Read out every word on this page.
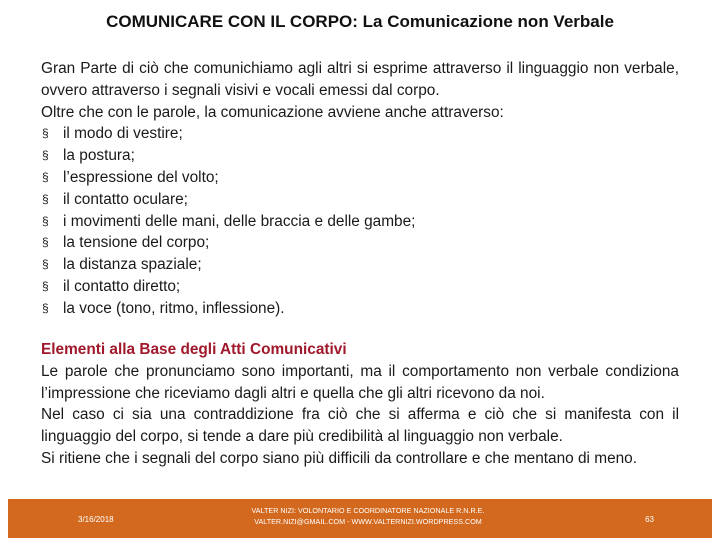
COMUNICARE CON IL CORPO: La Comunicazione non Verbale

Gran Parte di ciò che comunichiamo agli altri si esprime attraverso il linguaggio non verbale, ovvero attraverso i segnali visivi e vocali emessi dal corpo.

Oltre che con le parole, la comunicazione avviene anche attraverso:

§ il modo di vestire;
§ la postura;
§ l’espressione del volto;
§ il contatto oculare;
§ i movimenti delle mani, delle braccia e delle gambe;
§ la tensione del corpo;
§ la distanza spaziale;
§ il contatto diretto;
§ la voce (tono, ritmo, inflessione).
Elementi alla Base degli Atti Comunicativi

Le parole che pronunciamo sono importanti, ma il comportamento non verbale condiziona l’impressione che riceviamo dagli altri e quella che gli altri ricevono da noi.

Nel caso ci sia una contraddizione fra ciò che si afferma e ciò che si manifesta con il linguaggio del corpo, si tende a dare più credibilità al linguaggio non verbale.

Si ritiene che i segnali del corpo siano più difficili da controllare e che mentano di meno.

3/16/2018
VALTER NIZI: VOLONTARIO E COORDINATORE NAZIONALE R.N.R.E.
VALTER.NIZI@GMAIL.COM - WWW.VALTERNIZI.WORDPRESS.COM	63
